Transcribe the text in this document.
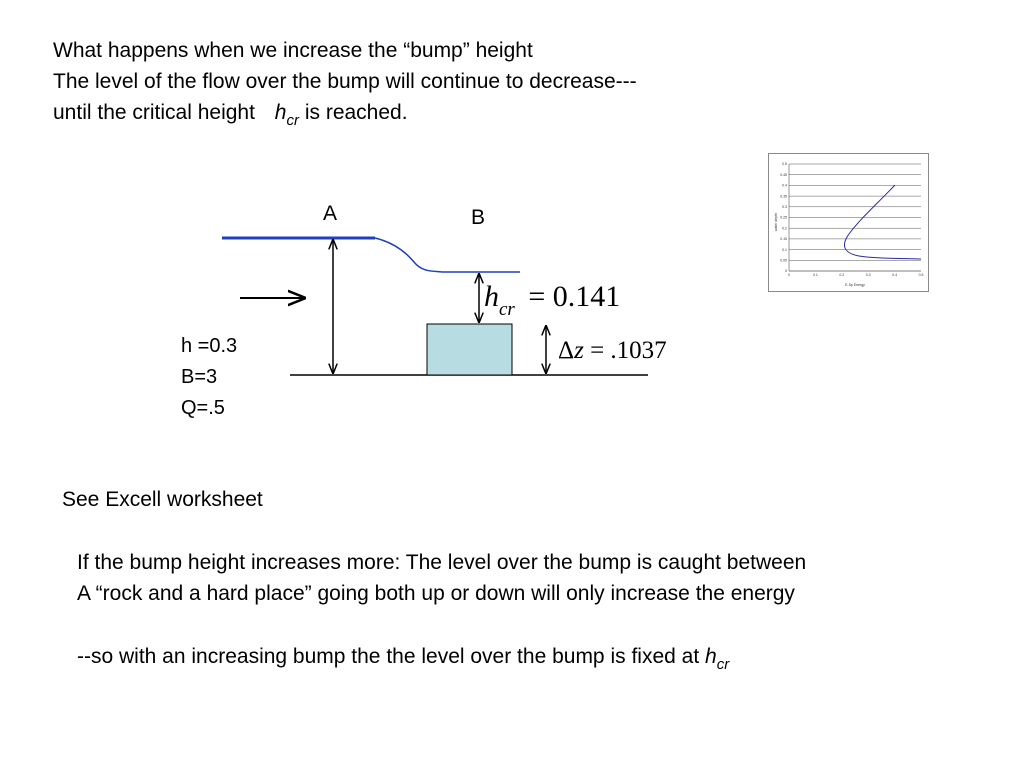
What happens when we increase the “bump” height

The level of the flow over the bump will continue to decrease---

until the critical height $h_{cr}$ is reached.

A	B
$h_{cr} = 0.141$
Δz = .1037
h =0.3
B=3
Q=.5
0.5
0.45
0.4
0.35
0.3
0.25
0.2
0.15
0.1
0.05
0
0	0.1	0.2	0.3	0.4	0.5
water depth
E-Sp Energy

See Excell worksheet

If the bump height increases more: The level over the bump is caught between

A “rock and a hard place” going both up or down will only increase the energy

--so with an increasing bump the the level over the bump is fixed at $h_{cr}$
